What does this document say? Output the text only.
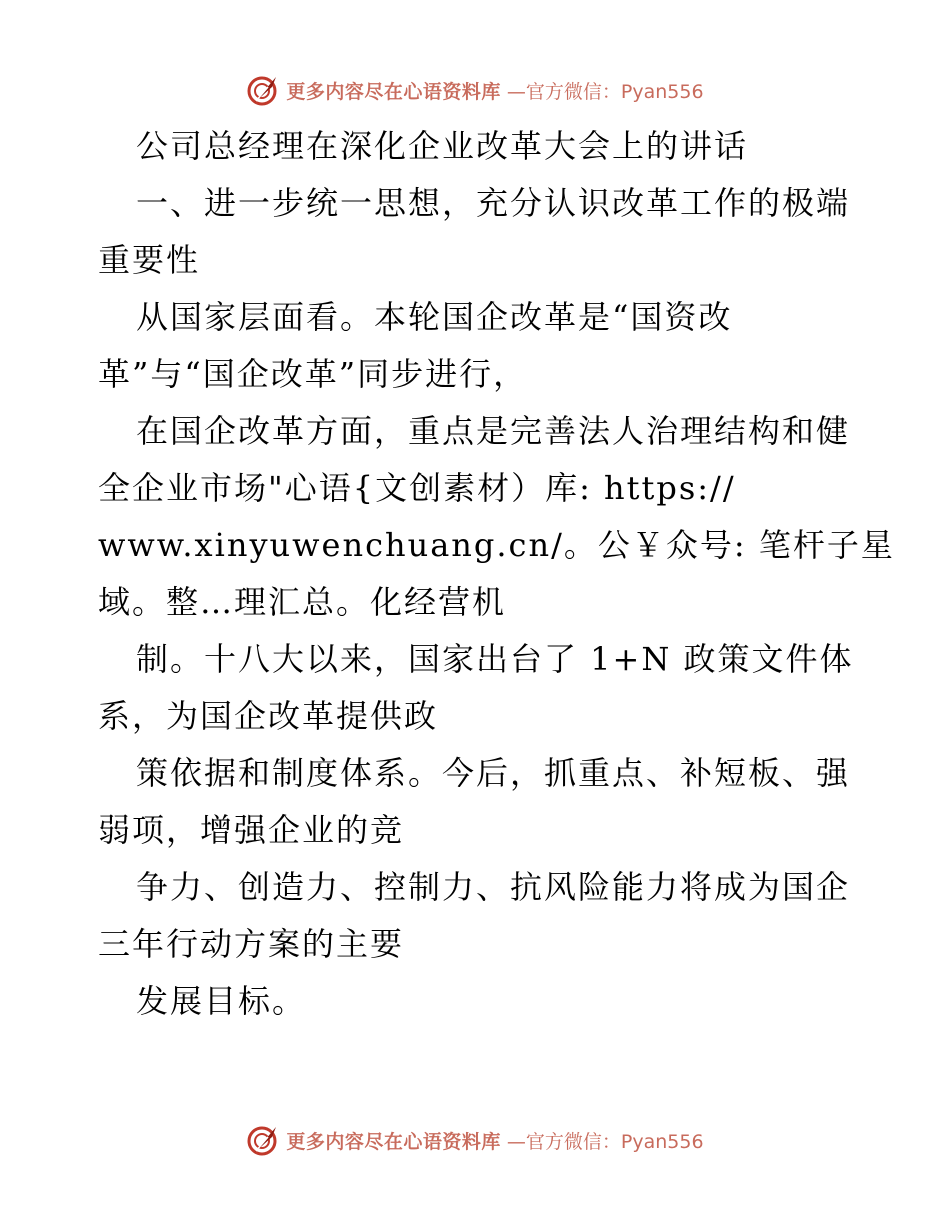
更多内容尽在心语资料库 —官方微信：Pyan556
公司总经理在深化企业改革大会上的讲话
一、进一步统一思想，充分认识改革工作的极端
重要性
从国家层面看。本轮国企改革是“国资改
革”与“国企改革”同步进行，
在国企改革方面，重点是完善法人治理结构和健
全企业市场"心语{文创素材）库: https://
www.xinyuwenchuang.cn/。公￥众号: 笔杆子星
域。整…理汇总。化经营机
制。十八大以来，国家出台了 1+N 政策文件体
系，为国企改革提供政
策依据和制度体系。今后，抓重点、补短板、强
弱项，增强企业的竞
争力、创造力、控制力、抗风险能力将成为国企
三年行动方案的主要
发展目标。
更多内容尽在心语资料库 —官方微信：Pyan556
